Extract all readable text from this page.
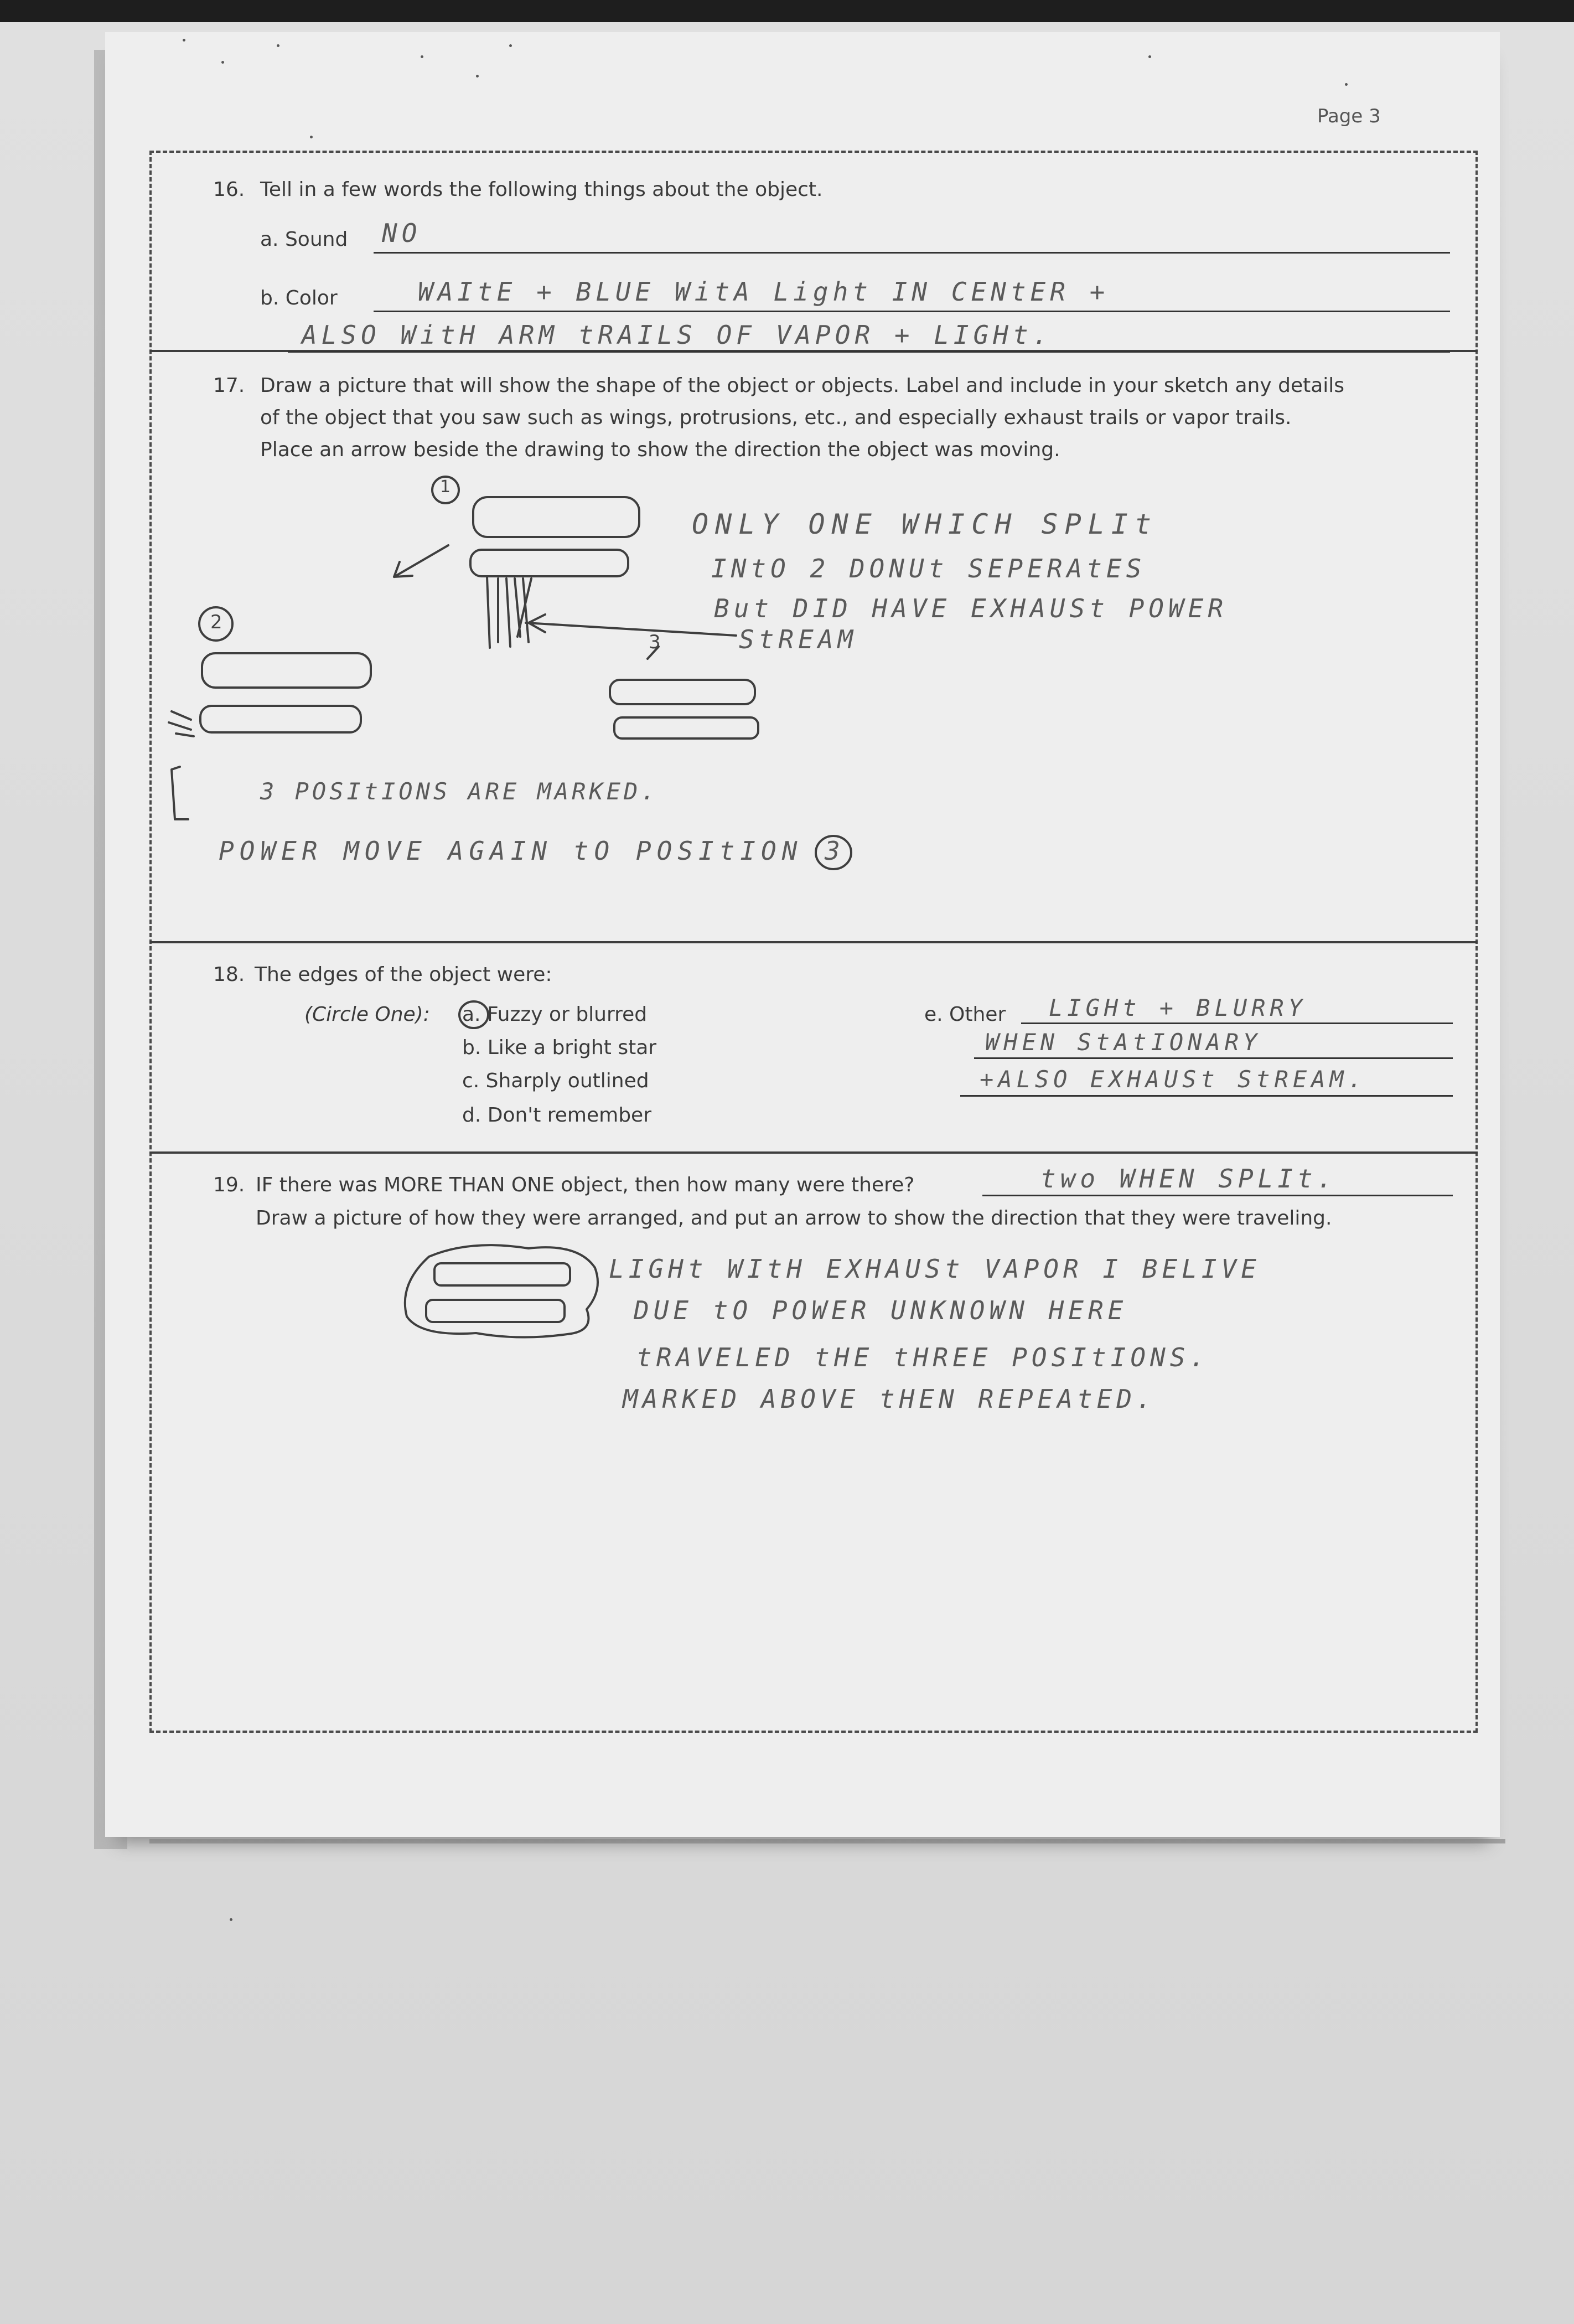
Page 3
16. Tell in a few words the following things about the object.
a. Sound NO
b. Color	WAItE + BLUE WitA Light IN CENtER +
ALSO WitH ARM tRAILS OF VAPOR + LIGHt.
17. Draw a picture that will show the shape of the object or objects. Label and include in your sketch any details
of the object that you saw such as wings, protrusions, etc., and especially exhaust trails or vapor trails.
Place an arrow beside the drawing to show the direction the object was moving.
1
2
3
ONLY ONE WHICH SPLIt
INtO 2 DONUt SEPERAtES
But DID HAVE EXHAUSt POWER
StREAM
3 POSItIONS ARE MARKED.
POWER MOVE AGAIN tO POSItION 3
18. The edges of the object were:
(Circle One): a. Fuzzy or blurred
b. Like a bright star
c. Sharply outlined
d. Don't remember
e. Other LIGHt + BLURRY
WHEN StAtIONARY
+ALSO EXHAUSt StREAM.
19. IF there was MORE THAN ONE object, then how many were there?	two WHEN SPLIt.
Draw a picture of how they were arranged, and put an arrow to show the direction that they were traveling.
LIGHt WItH EXHAUSt VAPOR I BELIVE
DUE tO POWER UNKNOWN HERE
tRAVELED tHE tHREE POSItIONS.
MARKED ABOVE tHEN REPEAtED.
